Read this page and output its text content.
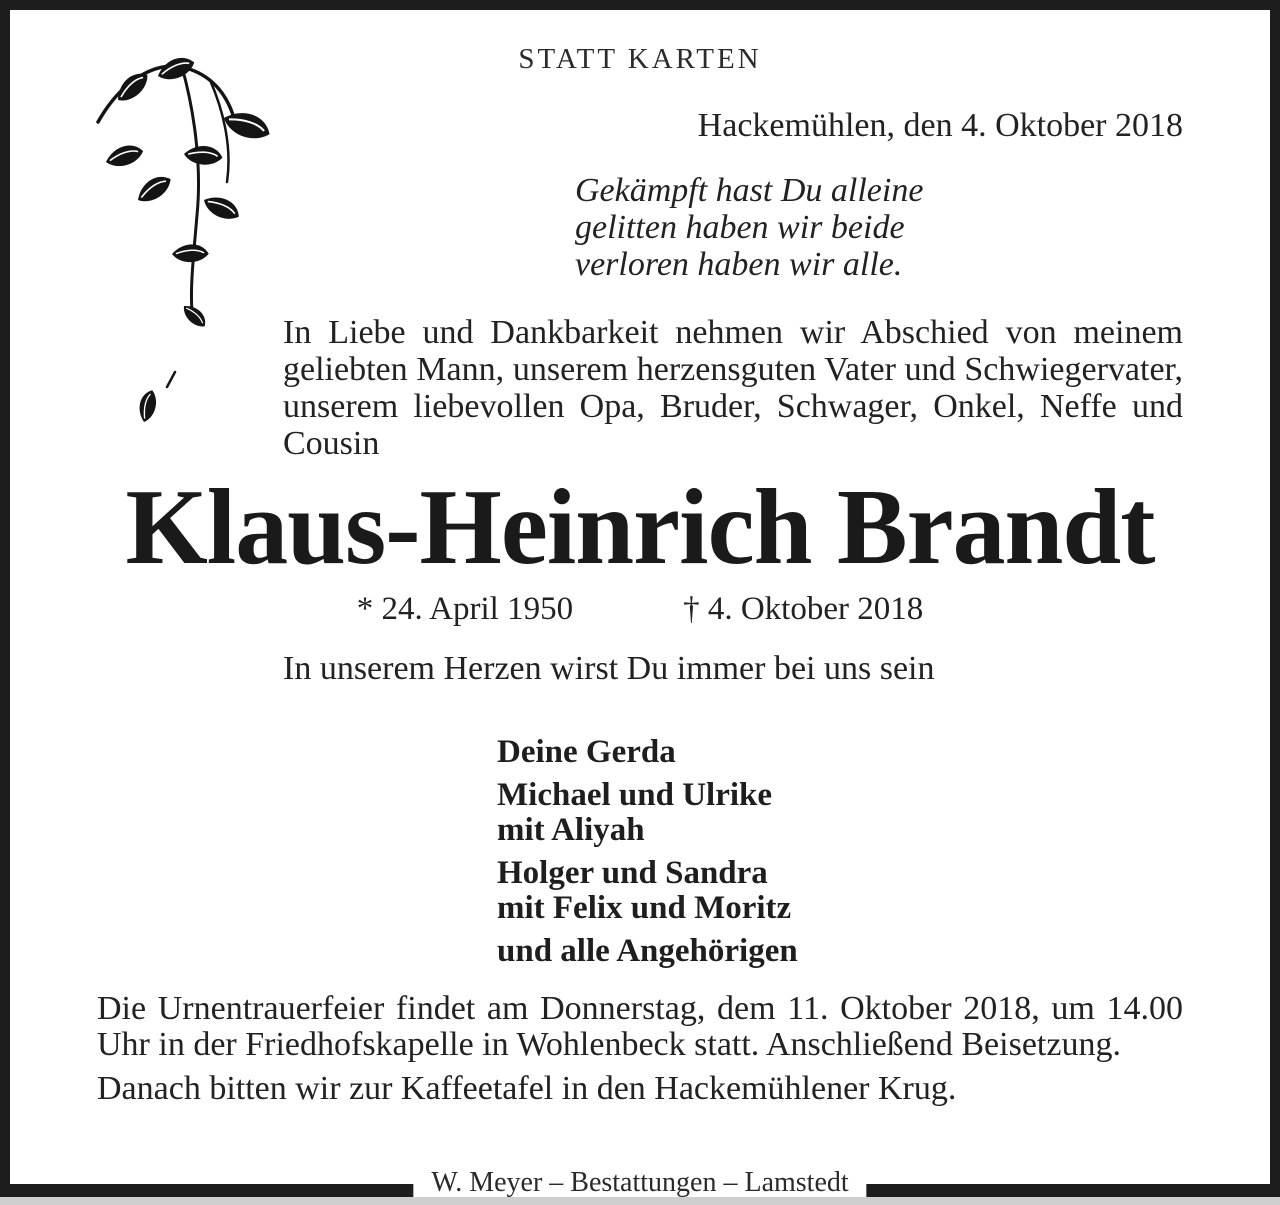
STATT KARTEN
Hackemühlen, den 4. Oktober 2018
Gekämpft hast Du alleine
gelitten haben wir beide
verloren haben wir alle.
In Liebe und Dankbarkeit nehmen wir Abschied von meinem geliebten Mann, unserem herzensguten Vater und Schwiegervater, unserem liebevollen Opa, Bruder, Schwager, Onkel, Neffe und Cousin
Klaus-Heinrich Brandt
* 24. April 1950	† 4. Oktober 2018
In unserem Herzen wirst Du immer bei uns sein
Deine Gerda
Michael und Ulrike
mit Aliyah
Holger und Sandra
mit Felix und Moritz
und alle Angehörigen
Die Urnentrauerfeier findet am Donnerstag, dem 11. Oktober 2018, um 14.00 Uhr in der Friedhofskapelle in Wohlenbeck statt. Anschließend Beisetzung.
Danach bitten wir zur Kaffeetafel in den Hackemühlener Krug.
W. Meyer – Bestattungen – Lamstedt
